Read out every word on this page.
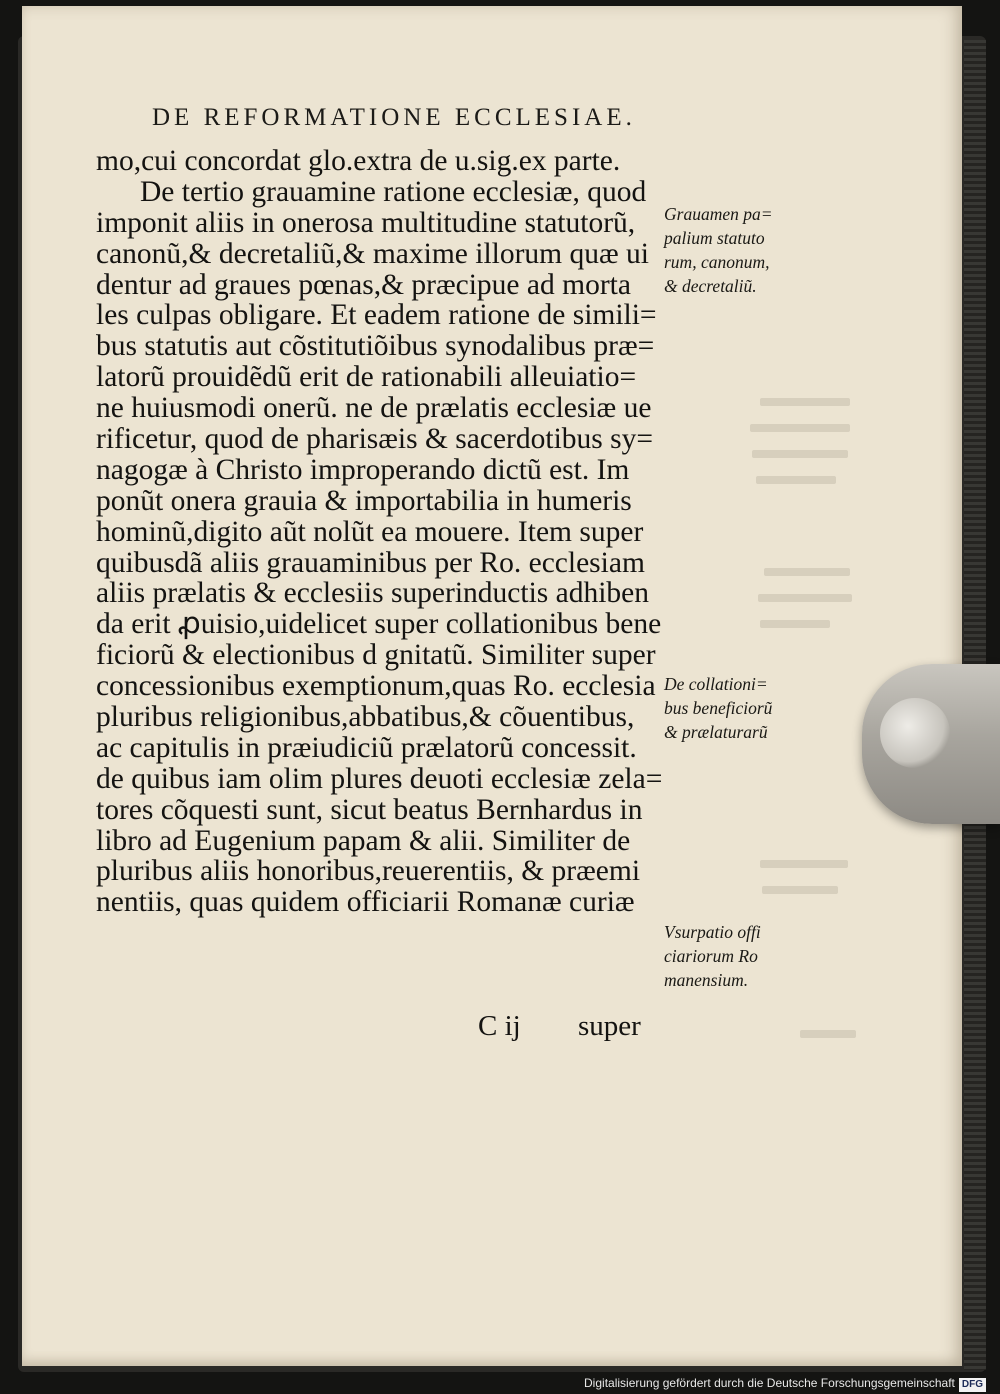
DE REFORMATIONE ECCLESIAE.
mo,cui concordat glo.extra de u.sig.ex parte.
De tertio grauamine ratione ecclesiæ, quod
imponit aliis in onerosa multitudine statutorũ,
canonũ,& decretaliũ,& maxime illorum quæ ui
dentur ad graues pœnas,& præcipue ad morta
les culpas obligare. Et eadem ratione de simili=
bus statutis aut cõstitutiõibus synodalibus præ=
latorũ prouidẽdũ erit de rationabili alleuiatio=
ne huiusmodi onerũ. ne de prælatis ecclesiæ ue
rificetur, quod de pharisæis & sacerdotibus sy=
nagogæ à Christo improperando dictũ est. Im
ponũt onera grauia & importabilia in humeris
hominũ,digito aũt nolũt ea mouere. Item super
quibusdã aliis grauaminibus per Ro. ecclesiam
aliis prælatis & ecclesiis superinductis adhiben
da erit ꝓuisio,uidelicet super collationibus bene
ficiorũ & electionibus d gnitatũ. Similiter super
concessionibus exemptionum,quas Ro. ecclesia
pluribus religionibus,abbatibus,& cõuentibus,
ac capitulis in præiudiciũ prælatorũ concessit.
de quibus iam olim plures deuoti ecclesiæ zela=
tores cõquesti sunt, sicut beatus Bernhardus in
libro ad Eugenium papam & alii. Similiter de
pluribus aliis honoribus,reuerentiis, & præemi
nentiis, quas quidem officiarii Romanæ curiæ
C ij super
Grauamen pa=
palium statuto
rum, canonum,
& decretaliũ.
De collationi=
bus beneficiorũ
& prælaturarũ
Vsurpatio offi
ciariorum Ro
manensium.
Digitalisierung gefördert durch die Deutsche Forschungsgemeinschaft DFG
